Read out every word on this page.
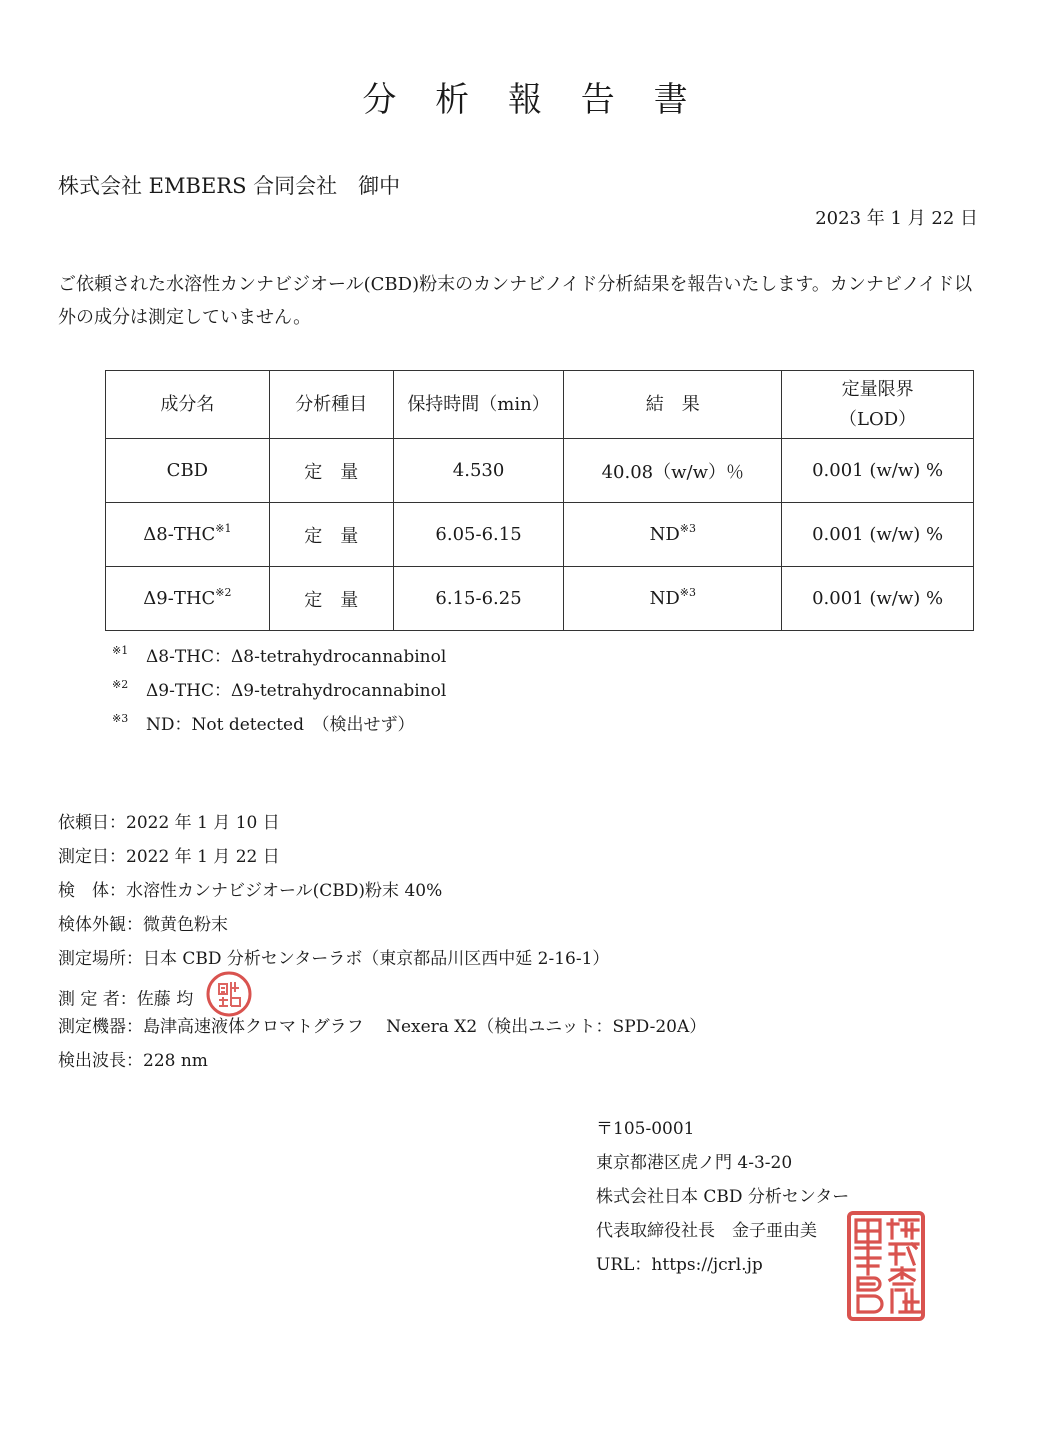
分 析 報 告 書
株式会社 EMBERS 合同会社　御中
2023 年 1 月 22 日
ご依頼された水溶性カンナビジオール(CBD)粉末のカンナビノイド分析結果を報告いたします。カンナビノイド以外の成分は測定していません。
成分名	分析種目	保持時間（min）	結　果	定量限界
（LOD）

CBD	定　量	4.530	40.08（w/w）％	0.001 (w/w) %
Δ8-THC$^{※1}$	定　量	6.05-6.15	ND$^{※3}$	0.001 (w/w) %
Δ9-THC$^{※2}$	定　量	6.15-6.25	ND$^{※3}$	0.001 (w/w) %
※1 Δ8-THC：Δ8-tetrahydrocannabinol
※2 Δ9-THC：Δ9-tetrahydrocannabinol
※3 ND：Not detected　（検出せず）
依頼日：2022 年 1 月 10 日
測定日：2022 年 1 月 22 日
検　体：水溶性カンナビジオール(CBD)粉末 40%
検体外観：微黄色粉末
測定場所：日本 CBD 分析センターラボ（東京都品川区西中延 2-16-1）
測 定 者：佐藤 均
測定機器：島津高速液体クロマトグラフ　 Nexera X2（検出ユニット：SPD-20A）
検出波長：228 nm
〒105-0001
東京都港区虎ノ門 4-3-20
株式会社日本 CBD 分析センター
代表取締役社長　金子亜由美
URL：https://jcrl.jp
